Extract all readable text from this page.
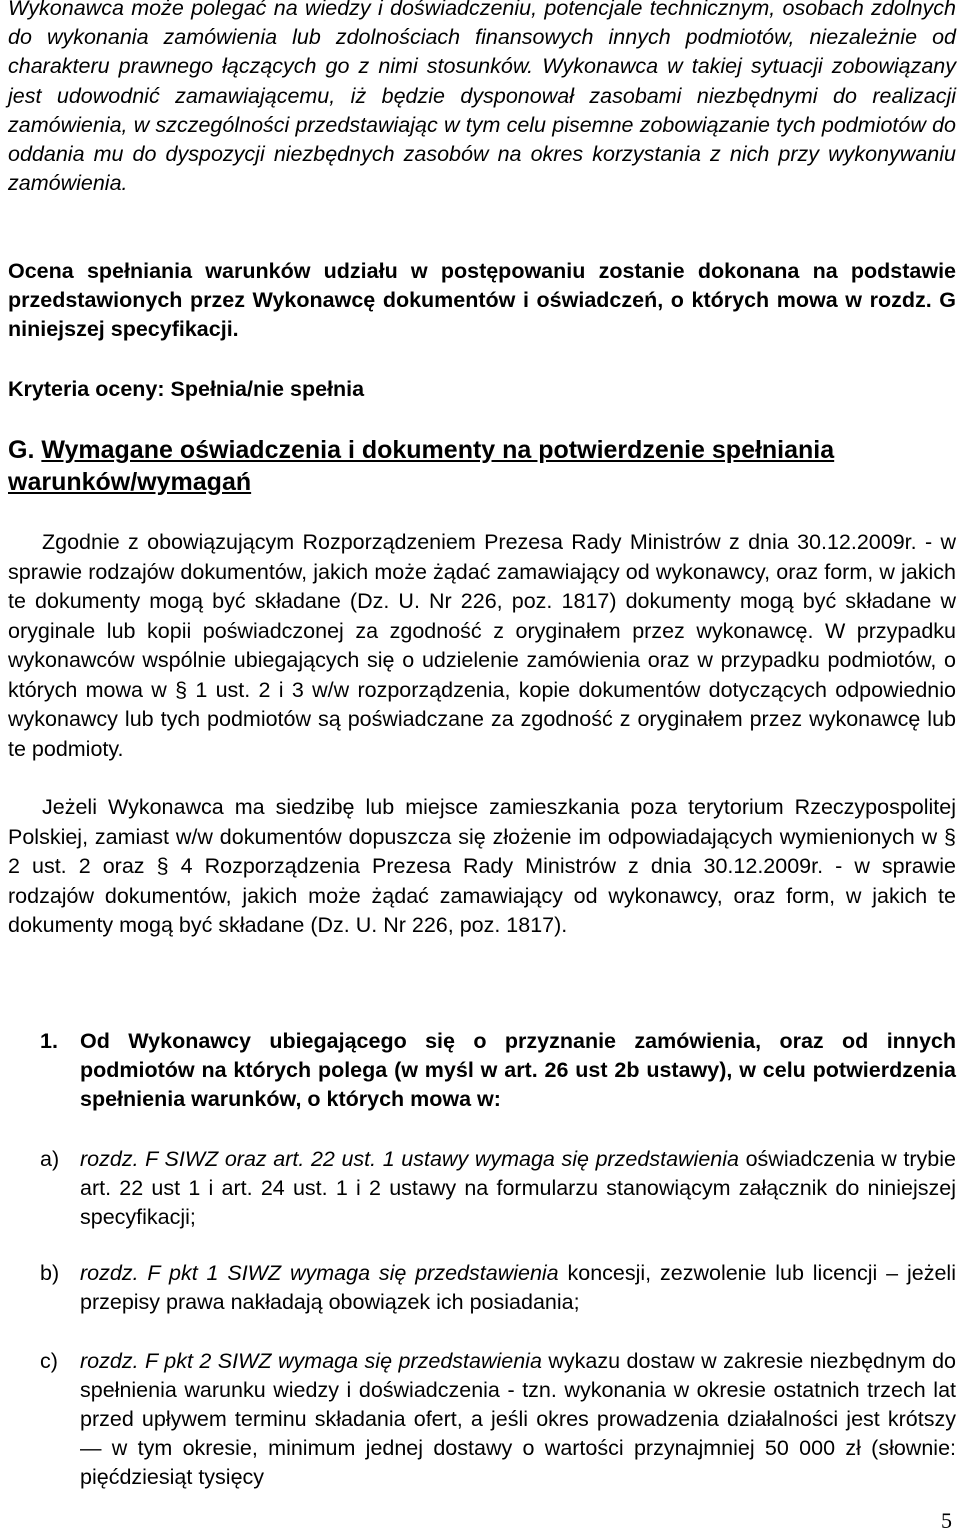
Wykonawca może polegać na wiedzy i doświadczeniu, potencjale technicznym, osobach zdolnych do wykonania zamówienia lub zdolnościach finansowych innych podmiotów, niezależnie od charakteru prawnego łączących go z nimi stosunków. Wykonawca w takiej sytuacji zobowiązany jest udowodnić zamawiającemu, iż będzie dysponował zasobami niezbędnymi do realizacji zamówienia, w szczególności przedstawiając w tym celu pisemne zobowiązanie tych podmiotów do oddania mu do dyspozycji niezbędnych zasobów na okres korzystania z nich przy wykonywaniu zamówienia.

Ocena spełniania warunków udziału w postępowaniu zostanie dokonana na podstawie przedstawionych przez Wykonawcę dokumentów i oświadczeń, o których mowa w rozdz. G niniejszej specyfikacji.

Kryteria oceny: Spełnia/nie spełnia

G. Wymagane oświadczenia i dokumenty na potwierdzenie spełniania warunków/wymagań

Zgodnie z obowiązującym Rozporządzeniem Prezesa Rady Ministrów z dnia 30.12.2009r. - w sprawie rodzajów dokumentów, jakich może żądać zamawiający od wykonawcy, oraz form, w jakich te dokumenty mogą być składane (Dz. U. Nr 226, poz. 1817) dokumenty mogą być składane w oryginale lub kopii poświadczonej za zgodność z oryginałem przez wykonawcę. W przypadku wykonawców wspólnie ubiegających się o udzielenie zamówienia oraz w przypadku podmiotów, o których mowa w § 1 ust. 2 i 3 w/w rozporządzenia, kopie dokumentów dotyczących odpowiednio wykonawcy lub tych podmiotów są poświadczane za zgodność z oryginałem przez wykonawcę lub te podmioty.

Jeżeli Wykonawca ma siedzibę lub miejsce zamieszkania poza terytorium Rzeczypospolitej Polskiej, zamiast w/w dokumentów dopuszcza się złożenie im odpowiadających wymienionych w § 2 ust. 2 oraz § 4 Rozporządzenia Prezesa Rady Ministrów z dnia 30.12.2009r. - w sprawie rodzajów dokumentów, jakich może żądać zamawiający od wykonawcy, oraz form, w jakich te dokumenty mogą być składane (Dz. U. Nr 226, poz. 1817).

1. Od Wykonawcy ubiegającego się o przyznanie zamówienia, oraz od innych podmiotów na których polega (w myśl w art. 26 ust 2b ustawy), w celu potwierdzenia spełnienia warunków, o których mowa w:
a) rozdz. F SIWZ oraz art. 22 ust. 1 ustawy wymaga się przedstawienia oświadczenia w trybie art. 22 ust 1 i art. 24 ust. 1 i 2 ustawy na formularzu stanowiącym załącznik do niniejszej specyfikacji;
b) rozdz. F pkt 1 SIWZ wymaga się przedstawienia koncesji, zezwolenie lub licencji – jeżeli przepisy prawa nakładają obowiązek ich posiadania;
c)	rozdz. F pkt 2 SIWZ wymaga się przedstawienia wykazu dostaw w zakresie niezbędnym do spełnienia warunku wiedzy i doświadczenia - tzn. wykonania w okresie ostatnich trzech lat przed upływem terminu składania ofert, a jeśli okres prowadzenia działalności jest krótszy — w tym okresie, minimum jednej dostawy o wartości przynajmniej 50 000 zł (słownie: pięćdziesiąt tysięcy
5
